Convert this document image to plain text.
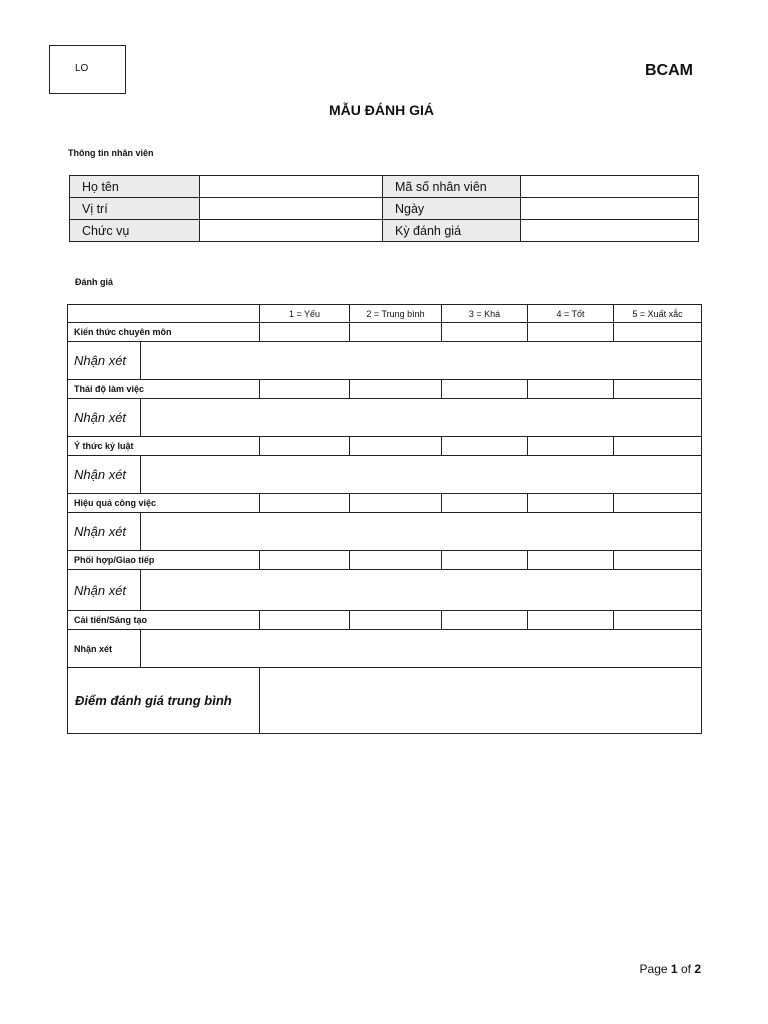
LO	BCAM
MẪU ĐÁNH GIÁ
Thông tin nhân viên
Họ tên		Mã số nhân viên	
Vị trí		Ngày	
Chức vụ		Kỳ đánh giá	
Đánh giá
		1 = Yếu	2 = Trung bình	3 = Khá	4 = Tốt	5 = Xuất xắc
Kiến thức chuyên môn						
Nhận xét						
Thái độ làm việc						
Nhận xét						
Ý thức kỷ luật						
Nhận xét						
Hiệu quả công việc						
Nhận xét						
Phối hợp/Giao tiếp						
Nhận xét						
Cải tiến/Sáng tạo						
Nhận xét						
Điểm đánh giá trung bình						
Page 1 of 2
